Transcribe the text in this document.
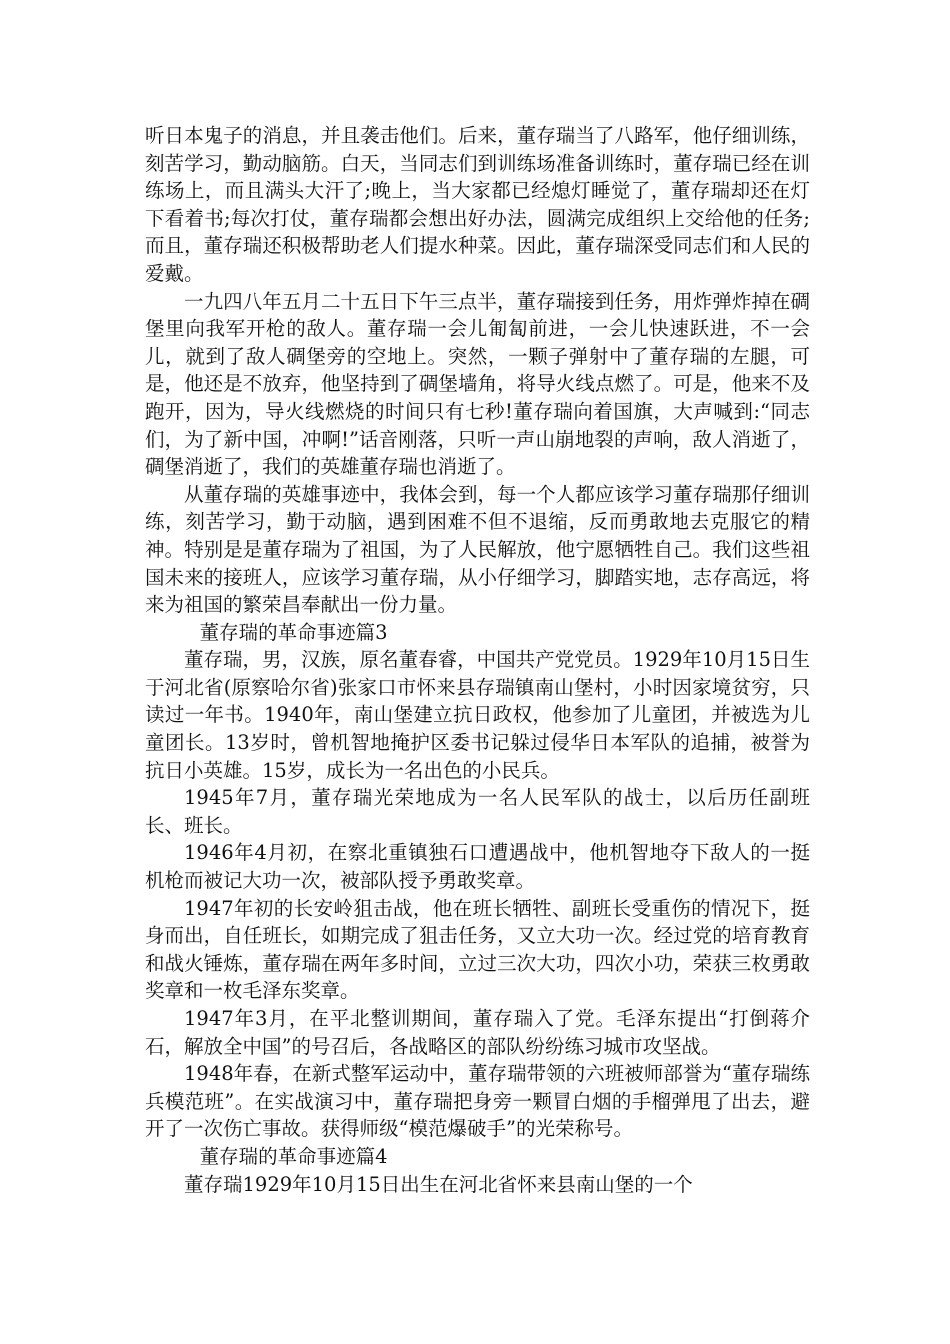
听日本鬼子的消息，并且袭击他们。后来，董存瑞当了八路军，他仔细训练，刻苦学习，勤动脑筋。白天，当同志们到训练场准备训练时，董存瑞已经在训练场上，而且满头大汗了;晚上，当大家都已经熄灯睡觉了，董存瑞却还在灯下看着书;每次打仗，董存瑞都会想出好办法，圆满完成组织上交给他的任务;而且，董存瑞还积极帮助老人们提水种菜。因此，董存瑞深受同志们和人民的爱戴。

一九四八年五月二十五日下午三点半，董存瑞接到任务，用炸弹炸掉在碉堡里向我军开枪的敌人。董存瑞一会儿匍匐前进，一会儿快速跃进，不一会儿，就到了敌人碉堡旁的空地上。突然，一颗子弹射中了董存瑞的左腿，可是，他还是不放弃，他坚持到了碉堡墙角，将导火线点燃了。可是，他来不及跑开，因为，导火线燃烧的时间只有七秒!董存瑞向着国旗，大声喊到:“同志们，为了新中国，冲啊!”话音刚落，只听一声山崩地裂的声响，敌人消逝了，碉堡消逝了，我们的英雄董存瑞也消逝了。

从董存瑞的英雄事迹中，我体会到，每一个人都应该学习董存瑞那仔细训练，刻苦学习，勤于动脑，遇到困难不但不退缩，反而勇敢地去克服它的精神。特别是是董存瑞为了祖国，为了人民解放，他宁愿牺牲自己。我们这些祖国未来的接班人，应该学习董存瑞，从小仔细学习，脚踏实地，志存高远，将来为祖国的繁荣昌奉献出一份力量。

董存瑞的革命事迹篇3

董存瑞，男，汉族，原名董春睿，中国共产党党员。1929年10月15日生于河北省(原察哈尔省)张家口市怀来县存瑞镇南山堡村，小时因家境贫穷，只读过一年书。1940年，南山堡建立抗日政权，他参加了儿童团，并被选为儿童团长。13岁时，曾机智地掩护区委书记躲过侵华日本军队的追捕，被誉为抗日小英雄。15岁，成长为一名出色的小民兵。

1945年7月，董存瑞光荣地成为一名人民军队的战士，以后历任副班长、班长。

1946年4月初，在察北重镇独石口遭遇战中，他机智地夺下敌人的一挺机枪而被记大功一次，被部队授予勇敢奖章。

1947年初的长安岭狙击战，他在班长牺牲、副班长受重伤的情况下，挺身而出，自任班长，如期完成了狙击任务，又立大功一次。经过党的培育教育和战火锤炼，董存瑞在两年多时间，立过三次大功，四次小功，荣获三枚勇敢奖章和一枚毛泽东奖章。

1947年3月，在平北整训期间，董存瑞入了党。毛泽东提出“打倒蒋介石，解放全中国”的号召后，各战略区的部队纷纷练习城市攻坚战。

1948年春，在新式整军运动中，董存瑞带领的六班被师部誉为“董存瑞练兵模范班”。在实战演习中，董存瑞把身旁一颗冒白烟的手榴弹甩了出去，避开了一次伤亡事故。获得师级“模范爆破手”的光荣称号。

董存瑞的革命事迹篇4

董存瑞1929年10月15日出生在河北省怀来县南山堡的一个
